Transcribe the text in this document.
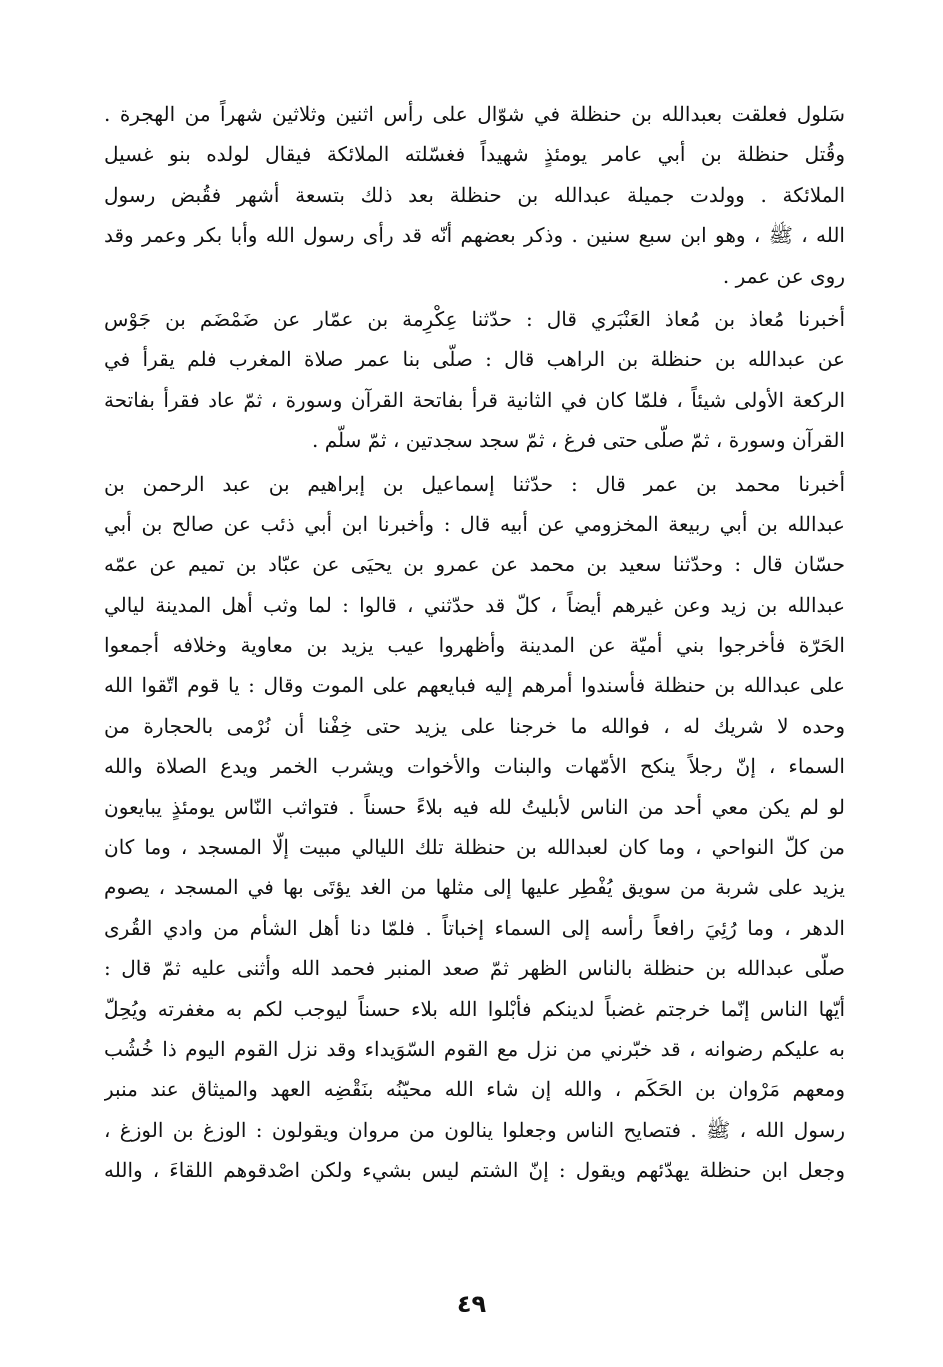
سَلول فعلقت بعبدالله بن حنظلة في شوّال على رأس اثنين وثلاثين شهراً من الهجرة .
وقُتل حنظلة بن أبي عامر يومئذٍ شهيداً فغسّلته الملائكة فيقال لولده بنو غسيل
الملائكة . وولدت جميلة عبدالله بن حنظلة بعد ذلك بتسعة أشهر فقُبض رسول
الله ، ﷺ ، وهو ابن سبع سنين . وذكر بعضهم أنّه قد رأى رسول الله وأبا بكر وعمر وقد
روى عن عمر .
أخبرنا مُعاذ بن مُعاذ العَنْبَري قال : حدّثنا عِكْرِمة بن عمّار عن ضَمْضَم بن جَوْس
عن عبدالله بن حنظلة بن الراهب قال : صلّى بنا عمر صلاة المغرب فلم يقرأ في
الركعة الأولى شيئاً ، فلمّا كان في الثانية قرأ بفاتحة القرآن وسورة ، ثمّ عاد فقرأ بفاتحة
القرآن وسورة ، ثمّ صلّى حتى فرغ ، ثمّ سجد سجدتين ، ثمّ سلّم .
أخبرنا محمد بن عمر قال : حدّثنا إسماعيل بن إبراهيم بن عبد الرحمن بن
عبدالله بن أبي ربيعة المخزومي عن أبيه قال : وأخبرنا ابن أبي ذئب عن صالح بن أبي
حسّان قال : وحدّثنا سعيد بن محمد عن عمرو بن يحيَى عن عبّاد بن تميم عن عمّه
عبدالله بن زيد وعن غيرهم أيضاً ، كلّ قد حدّثني ، قالوا : لما وثب أهل المدينة ليالي
الحَرّة فأخرجوا بني أميّة عن المدينة وأظهروا عيب يزيد بن معاوية وخلافه أجمعوا
على عبدالله بن حنظلة فأسندوا أمرهم إليه فبايعهم على الموت وقال : يا قوم اتّقوا الله
وحده لا شريك له ، فوالله ما خرجنا على يزيد حتى خِفْنا أن نُرْمى بالحجارة من
السماء ، إنّ رجلاً ينكح الأمّهات والبنات والأخوات ويشرب الخمر ويدع الصلاة والله
لو لم يكن معي أحد من الناس لأبليتُ لله فيه بلاءً حسناً . فتواثب النّاس يومئذٍ يبايعون
من كلّ النواحي ، وما كان لعبدالله بن حنظلة تلك الليالي مبيت إلّا المسجد ، وما كان
يزيد على شربة من سويق يُفْطِر عليها إلى مثلها من الغد يؤتَى بها في المسجد ، يصوم
الدهر ، وما رُئِيَ رافعاً رأسه إلى السماء إخباتاً . فلمّا دنا أهل الشأم من وادي القُرى
صلّى عبدالله بن حنظلة بالناس الظهر ثمّ صعد المنبر فحمد الله وأثنى عليه ثمّ قال :
أيّها الناس إنّما خرجتم غضباً لدينكم فأبْلوا الله بلاء حسناً ليوجب لكم به مغفرته ويُحِلّ
به عليكم رضوانه ، قد خبّرني من نزل مع القوم السّوَيداء وقد نزل القوم اليوم ذا خُشُب
ومعهم مَرْوان بن الحَكَم ، والله إن شاء الله محيّنُه بنَقْضِه العهد والميثاق عند منبر
رسول الله ، ﷺ . فتصايح الناس وجعلوا ينالون من مروان ويقولون : الوزغ بن الوزغ ،
وجعل ابن حنظلة يهدّئهم ويقول : إنّ الشتم ليس بشيء ولكن اصْدقوهم اللقاءَ ، والله
٤٩
